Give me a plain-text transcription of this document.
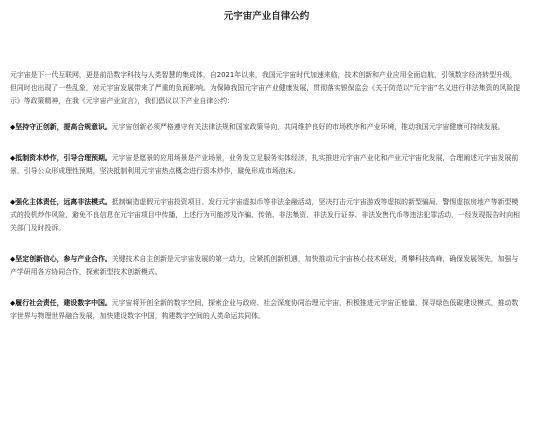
元宇宙产业自律公约

元宇宙是下一代互联网，更是前沿数字科技与人类智慧的集成体，自2021年以来，我国元宇宙时代加速来临，技术创新和产业应用全面启航，引领数字经济转型升级，但同时也出现了一些乱象，对元宇宙发展带来了严重的负面影响。为保障我国元宇宙产业健康发展，贯彻落实银保监会《关于防范以“元宇宙”名义进行非法集资的风险提示》等政策精神，在我《元宇宙产业宣言》，我们倡议以下产业自律公约：

◆坚持守正创新，提高合规意识。元宇宙创新必须严格遵守有关法律法规和国家政策导向，共同维护良好的市场秩序和产业环境，推动我国元宇宙健康可持续发展。

◆抵制资本炒作，引导合理预期。元宇宙是愿景的应用场景是产业场景，业务发立足服务实体经济，扎实推进元宇宙产业化和产业元宇宙化发展，合理阐述元宇宙发展前景，引导公众形成理性预期，坚决抵制利用元宇宙热点概念进行资本炒作，避免形成市场泡沫。

◆强化主体责任，远离非法模式。抵制编造虚假元宇宙投资项目、发行元宇宙虚拟币等非法金融活动，坚决打击元宇宙游戏等虚拟的新型骗局，警惕虚拟房地产等新型模式的投机炒作风险，避免不良信息在元宇宙项目中传播，上述行为可能涉及诈骗、传销、非法集资、非法发行证券、非法发售代币等违法犯罪活动，一经发现报告时向相关部门及时投诉。

◆坚定创新信心，参与产业合作。关键技术自主创新是元宇宙发展的第一动力，应紧抓创新机遇，加快推动元宇宙核心技术研发，勇攀科技高峰，确保发展领先，加强与产学研用各方协同合作，探索新型技术创新模式。

◆履行社会责任，建设数字中国。元宇宙将开创全新的数字空间，探索企业与政府、社会深度协同治理元宇宙，积极推进元宇宙正能量，探寻绿色低碳建设模式，推动数字世界与物理世界融合发展，加快建设数字中国，构建数字空间的人类命运共同体。
